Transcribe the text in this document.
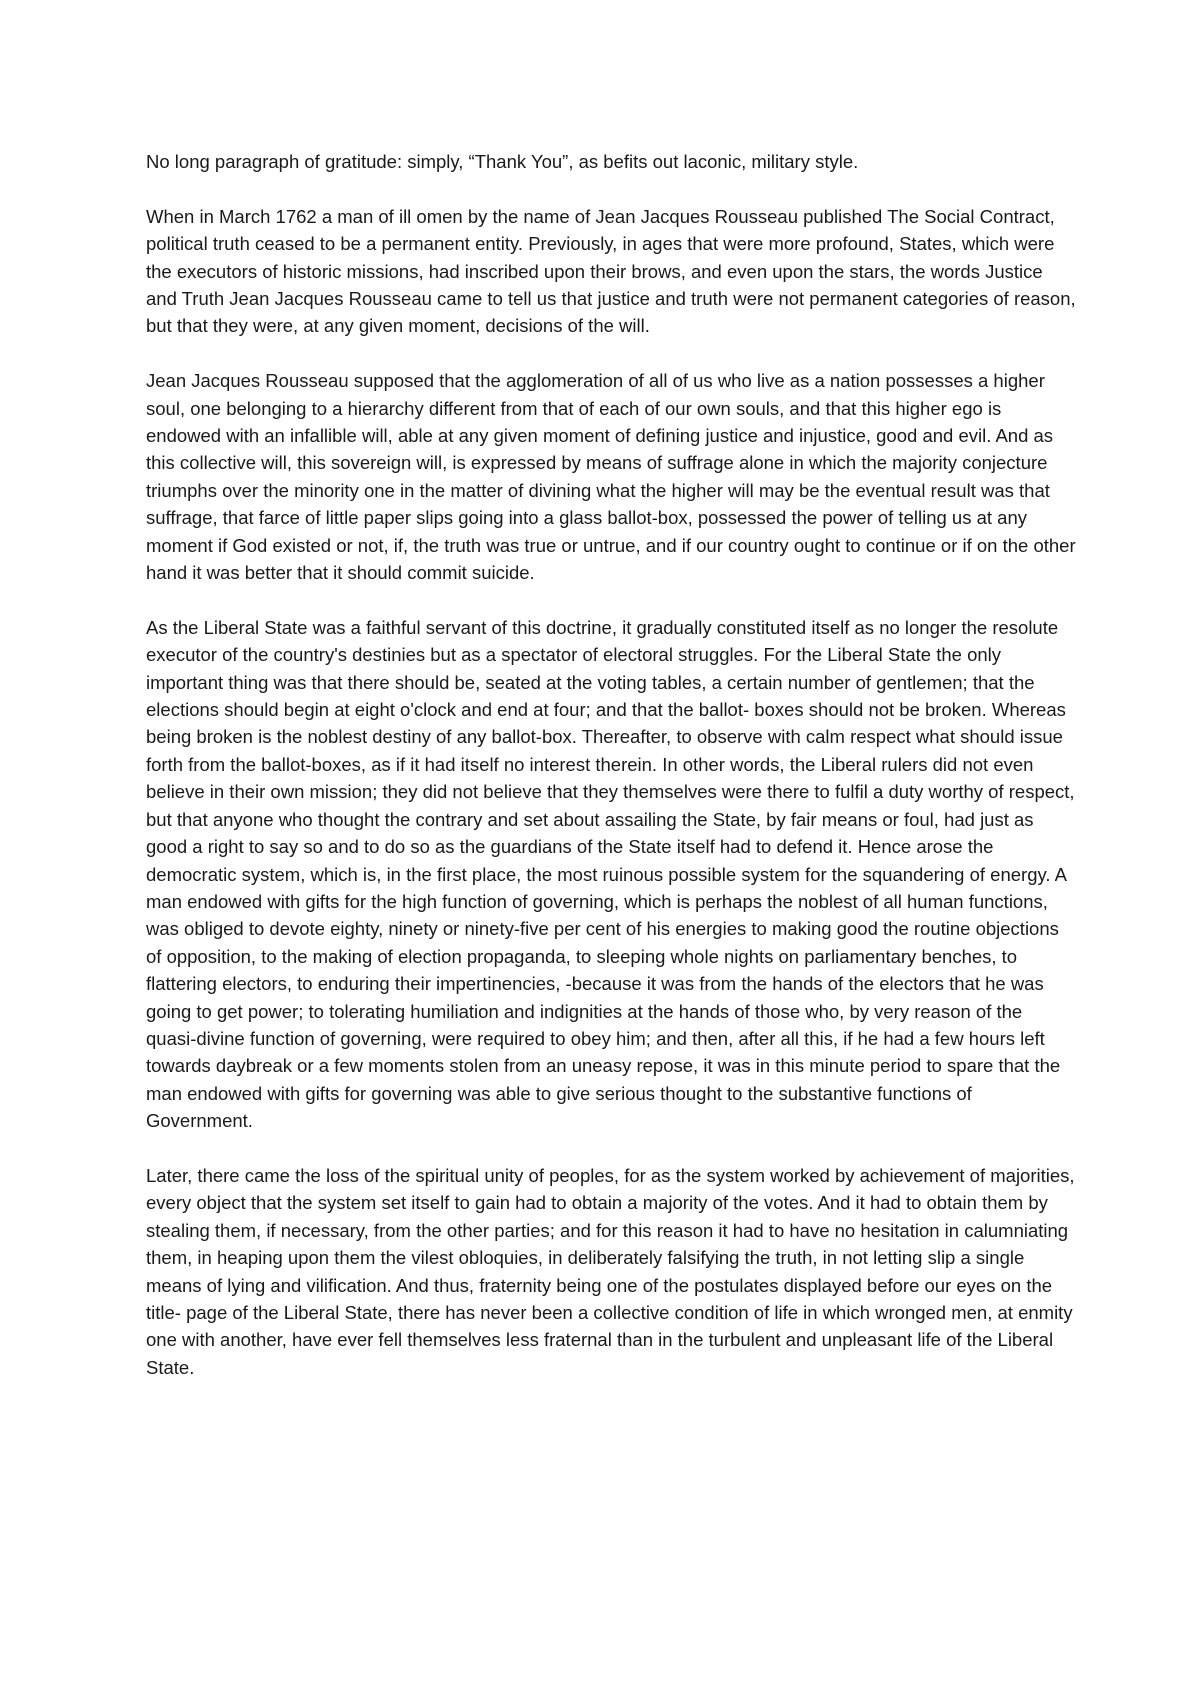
No long paragraph of gratitude: simply, “Thank You”, as befits out laconic, military style.

When in March 1762 a man of ill omen by the name of Jean Jacques Rousseau published The Social Contract, political truth ceased to be a permanent entity. Previously, in ages that were more profound, States, which were the executors of historic missions, had inscribed upon their brows, and even upon the stars, the words Justice and Truth Jean Jacques Rousseau came to tell us that justice and truth were not permanent categories of reason, but that they were, at any given moment, decisions of the will.

Jean Jacques Rousseau supposed that the agglomeration of all of us who live as a nation possesses a higher soul, one belonging to a hierarchy different from that of each of our own souls, and that this higher ego is endowed with an infallible will, able at any given moment of defining justice and injustice, good and evil. And as this collective will, this sovereign will, is expressed by means of suffrage alone in which the majority conjecture triumphs over the minority one in the matter of divining what the higher will may be the eventual result was that suffrage, that farce of little paper slips going into a glass ballot-box, possessed the power of telling us at any moment if God existed or not, if, the truth was true or untrue, and if our country ought to continue or if on the other hand it was better that it should commit suicide.

As the Liberal State was a faithful servant of this doctrine, it gradually constituted itself as no longer the resolute executor of the country's destinies but as a spectator of electoral struggles. For the Liberal State the only important thing was that there should be, seated at the voting tables, a certain number of gentlemen; that the elections should begin at eight o'clock and end at four; and that the ballot- boxes should not be broken. Whereas being broken is the noblest destiny of any ballot-box. Thereafter, to observe with calm respect what should issue forth from the ballot-boxes, as if it had itself no interest therein. In other words, the Liberal rulers did not even believe in their own mission; they did not believe that they themselves were there to fulfil a duty worthy of respect, but that anyone who thought the contrary and set about assailing the State, by fair means or foul, had just as good a right to say so and to do so as the guardians of the State itself had to defend it. Hence arose the democratic system, which is, in the first place, the most ruinous possible system for the squandering of energy. A man endowed with gifts for the high function of governing, which is perhaps the noblest of all human functions, was obliged to devote eighty, ninety or ninety-five per cent of his energies to making good the routine objections of opposition, to the making of election propaganda, to sleeping whole nights on parliamentary benches, to flattering electors, to enduring their impertinencies, -because it was from the hands of the electors that he was going to get power; to tolerating humiliation and indignities at the hands of those who, by very reason of the quasi-divine function of governing, were required to obey him; and then, after all this, if he had a few hours left towards daybreak or a few moments stolen from an uneasy repose, it was in this minute period to spare that the man endowed with gifts for governing was able to give serious thought to the substantive functions of Government.

Later, there came the loss of the spiritual unity of peoples, for as the system worked by achievement of majorities, every object that the system set itself to gain had to obtain a majority of the votes. And it had to obtain them by stealing them, if necessary, from the other parties; and for this reason it had to have no hesitation in calumniating them, in heaping upon them the vilest obloquies, in deliberately falsifying the truth, in not letting slip a single means of lying and vilification. And thus, fraternity being one of the postulates displayed before our eyes on the title- page of the Liberal State, there has never been a collective condition of life in which wronged men, at enmity one with another, have ever fell themselves less fraternal than in the turbulent and unpleasant life of the Liberal State.
